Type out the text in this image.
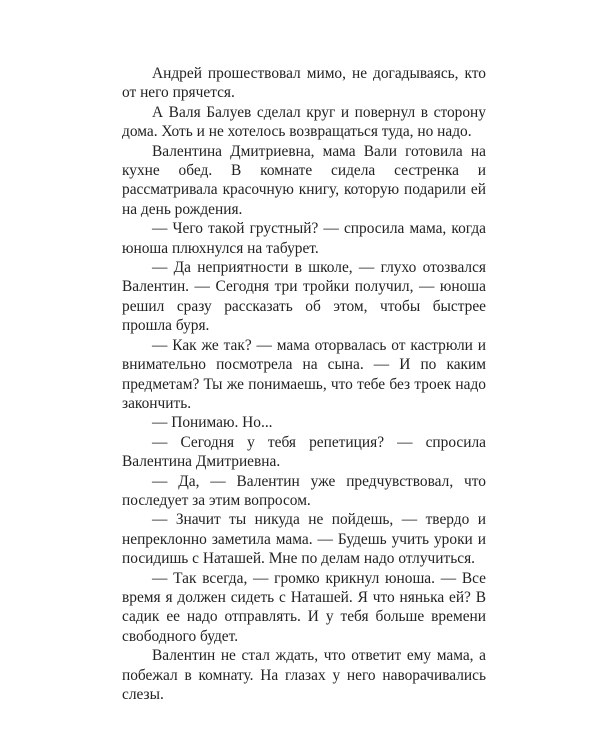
Андрей прошествовал мимо, не догадываясь, кто от него прячется.

А Валя Балуев сделал круг и повернул в сторону дома. Хоть и не хотелось возвращаться туда, но надо.

Валентина Дмитриевна, мама Вали готовила на кухне обед. В комнате сидела сестренка и рассматривала красочную книгу, которую подарили ей на день рождения.

— Чего такой грустный? — спросила мама, когда юноша плюхнулся на табурет.

— Да неприятности в школе, — глухо отозвался Валентин. — Сегодня три тройки получил, — юноша решил сразу рассказать об этом, чтобы быстрее прошла буря.

— Как же так? — мама оторвалась от кастрюли и внимательно посмотрела на сына. — И по каким предметам? Ты же понимаешь, что тебе без троек надо закончить.

— Понимаю. Но...

— Сегодня у тебя репетиция? — спросила Валентина Дмитриевна.

— Да, — Валентин уже предчувствовал, что последует за этим вопросом.

— Значит ты никуда не пойдешь, — твердо и непреклонно заметила мама. — Будешь учить уроки и посидишь с Наташей. Мне по делам надо отлучиться.

— Так всегда, — громко крикнул юноша. — Все время я должен сидеть с Наташей. Я что нянька ей? В садик ее надо отправлять. И у тебя больше времени свободного будет.

Валентин не стал ждать, что ответит ему мама, а побежал в комнату. На глазах у него наворачивались слезы.
